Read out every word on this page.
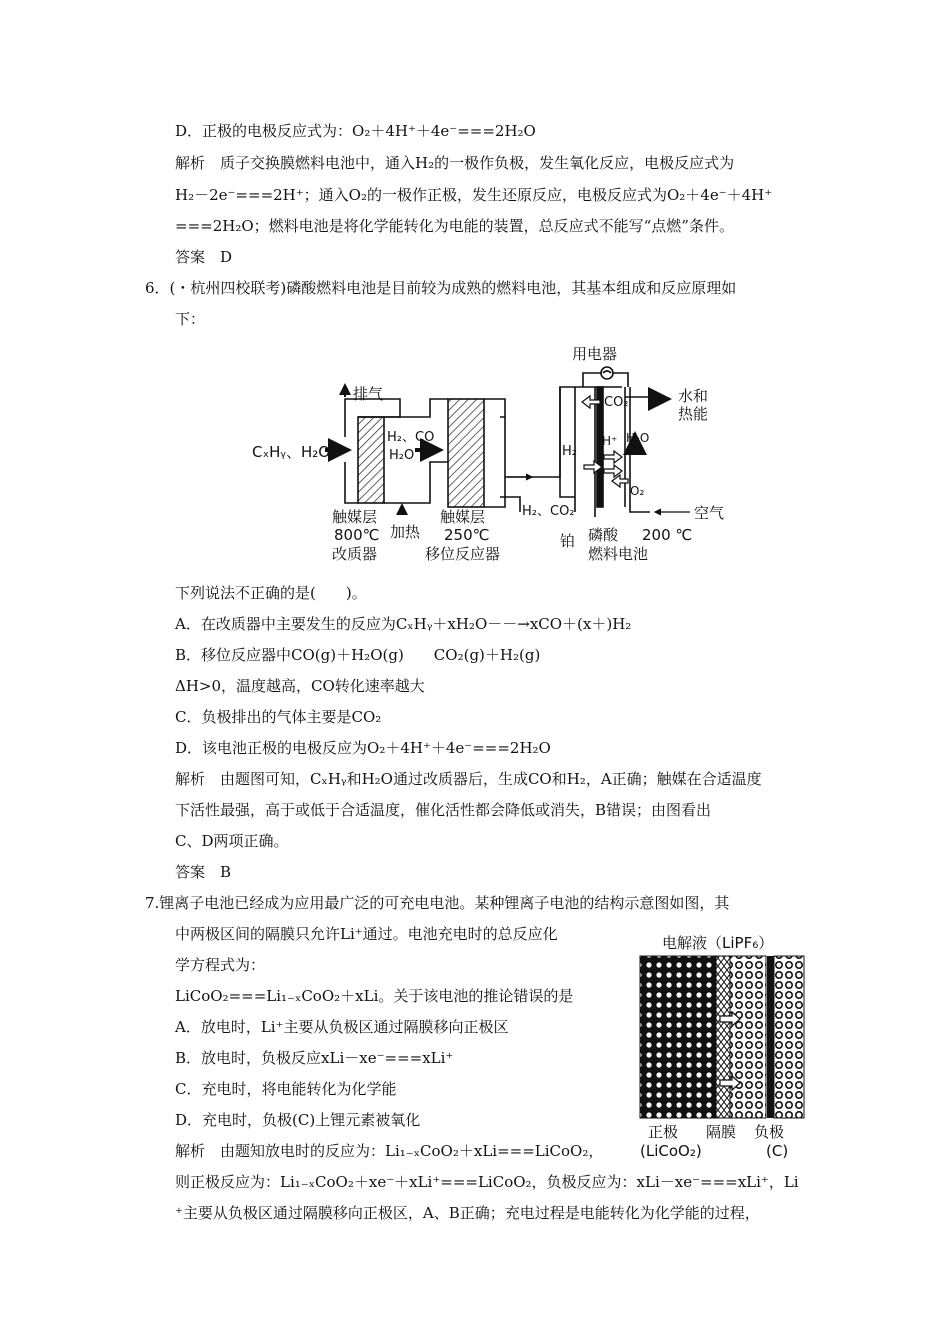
D．正极的电极反应式为：O₂＋4H⁺＋4e⁻===2H₂O
解析　质子交换膜燃料电池中，通入H₂的一极作负极，发生氧化反应，电极反应式为
H₂－2e⁻===2H⁺；通入O₂的一极作正极，发生还原反应，电极反应式为O₂＋4e⁻＋4H⁺
===2H₂O；燃料电池是将化学能转化为电能的装置，总反应式不能写“点燃”条件。
答案　D
6．(・杭州四校联考)磷酸燃料电池是目前较为成熟的燃料电池，其基本组成和反应原理如
下：
用电器
排气
CₓHᵧ、H₂O
H₂、CO
H₂O
CO₂
H₂
H⁺ H₂O
O₂
水和
热能
空气
H₂、CO₂
触媒层
加热
800℃
改质器
触媒层
250℃
移位反应器
铂 磷酸 200 ℃
燃料电池
下列说法不正确的是(　　)。
A．在改质器中主要发生的反应为CₓHᵧ＋xH₂O－－→xCO＋(x＋)H₂
B．移位反应器中CO(g)＋H₂O(g)　　CO₂(g)＋H₂(g)
ΔH>0，温度越高，CO转化速率越大
C．负极排出的气体主要是CO₂
D．该电池正极的电极反应为O₂＋4H⁺＋4e⁻===2H₂O
解析　由题图可知，CₓHᵧ和H₂O通过改质器后，生成CO和H₂，A正确；触媒在合适温度
下活性最强，高于或低于合适温度，催化活性都会降低或消失，B错误；由图看出
C、D两项正确。
答案　B
7.锂离子电池已经成为应用最广泛的可充电电池。某种锂离子电池的结构示意图如图，其
中两极区间的隔膜只允许Li⁺通过。电池充电时的总反应化
学方程式为：
LiCoO₂===Li₁₋ₓCoO₂＋xLi。关于该电池的推论错误的是
A．放电时，Li⁺主要从负极区通过隔膜移向正极区
B．放电时，负极反应xLi－xe⁻===xLi⁺
C．充电时，将电能转化为化学能
D．充电时，负极(C)上锂元素被氧化
解析　由题知放电时的反应为：Li₁₋ₓCoO₂＋xLi===LiCoO₂，
则正极反应为：Li₁₋ₓCoO₂＋xe⁻＋xLi⁺===LiCoO₂，负极反应为：xLi－xe⁻===xLi⁺，Li
⁺主要从负极区通过隔膜移向正极区，A、B正确；充电过程是电能转化为化学能的过程，
电解液（LiPF₆）
正极
(LiCoO₂)
隔膜 负极
(C)
